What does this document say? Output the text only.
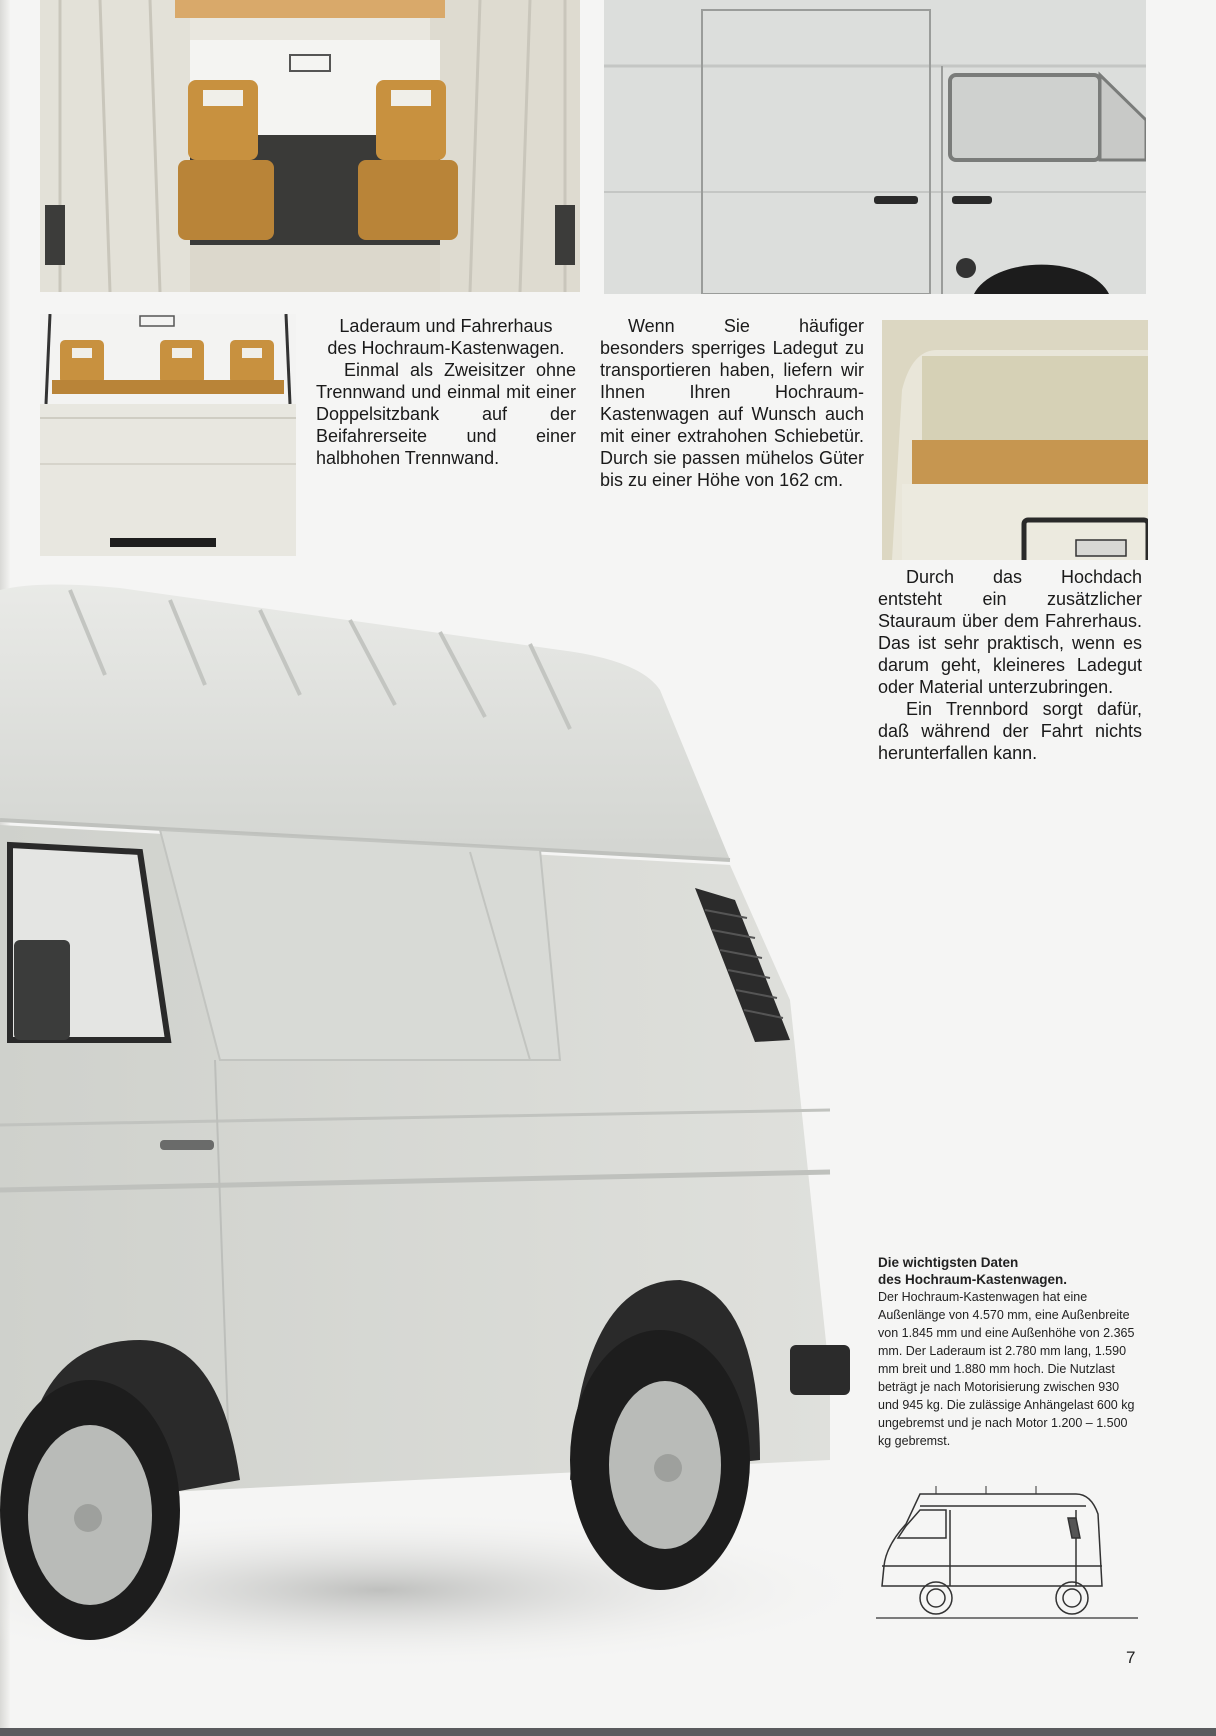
Laderaum und Fahrerhaus des Hochraum-Kastenwagen.

Einmal als Zweisitzer ohne Trennwand und einmal mit einer Doppelsitzbank auf der Beifahrerseite und einer halbhohen Trennwand.

Wenn Sie häufiger besonders sperriges Ladegut zu transportieren haben, liefern wir Ihnen Ihren Hochraum-Kastenwagen auf Wunsch auch mit einer extrahohen Schiebetür. Durch sie passen mühelos Güter bis zu einer Höhe von 162 cm.

Durch das Hochdach entsteht ein zusätzlicher Stauraum über dem Fahrerhaus. Das ist sehr praktisch, wenn es darum geht, kleineres Ladegut oder Material unterzubringen.

Ein Trennbord sorgt dafür, daß während der Fahrt nichts herunterfallen kann.

Die wichtigsten Daten
des Hochraum-Kastenwagen.
Der Hochraum-Kastenwagen hat eine Außenlänge von 4.570 mm, eine Außenbreite von 1.845 mm und eine Außenhöhe von 2.365 mm. Der Laderaum ist 2.780 mm lang, 1.590 mm breit und 1.880 mm hoch. Die Nutzlast beträgt je nach Motorisierung zwischen 930 und 945 kg. Die zulässige Anhängelast 600 kg ungebremst und je nach Motor 1.200 – 1.500 kg gebremst.
7
